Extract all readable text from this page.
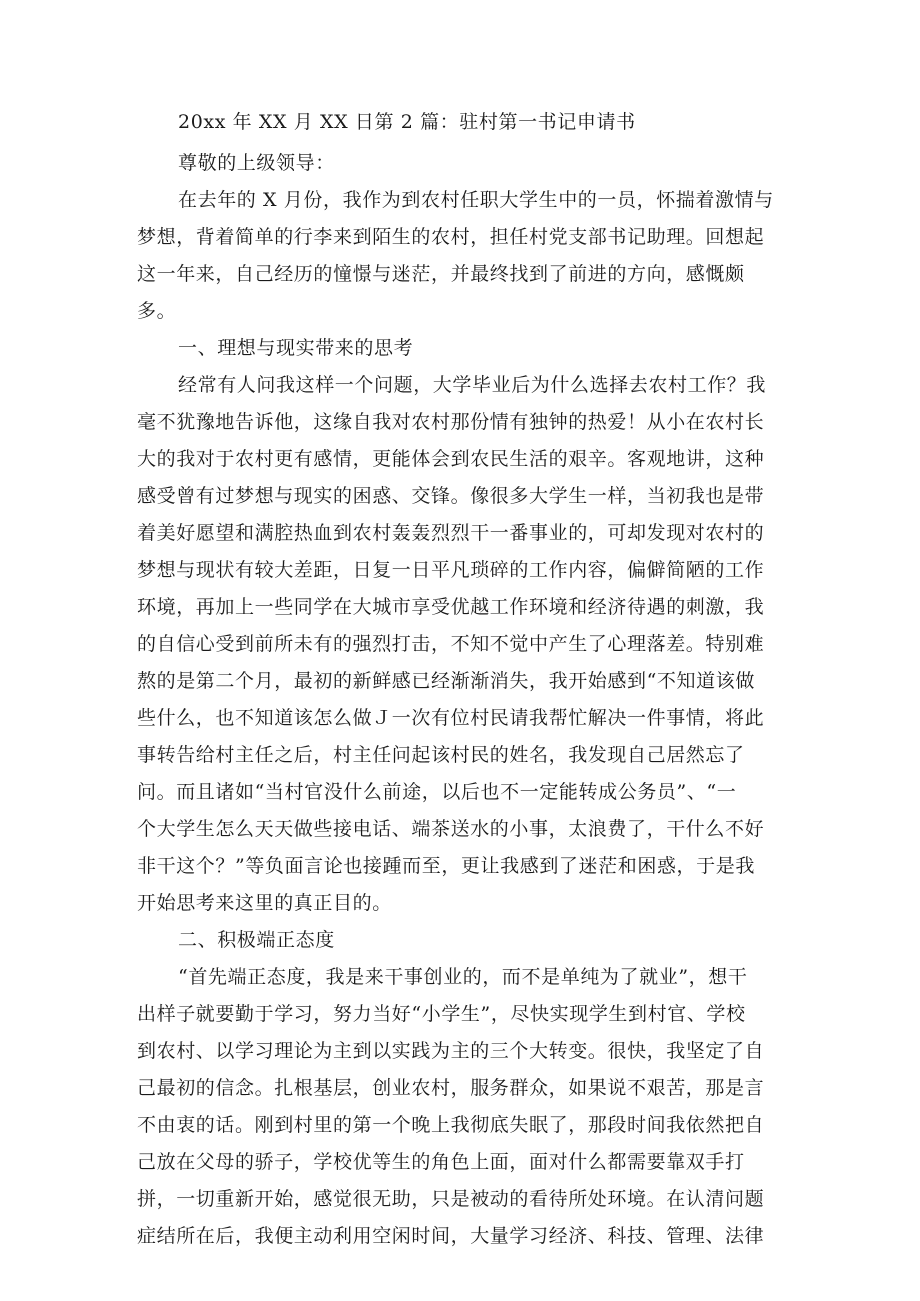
20xx 年 XX 月 XX 日第 2 篇：驻村第一书记申请书
尊敬的上级领导：
在去年的 X 月份，我作为到农村任职大学生中的一员，怀揣着激情与
梦想，背着简单的行李来到陌生的农村，担任村党支部书记助理。回想起
这一年来，自己经历的憧憬与迷茫，并最终找到了前进的方向，感慨颇
多。
一、理想与现实带来的思考
经常有人问我这样一个问题，大学毕业后为什么选择去农村工作？我
毫不犹豫地告诉他，这缘自我对农村那份情有独钟的热爱！从小在农村长
大的我对于农村更有感情，更能体会到农民生活的艰辛。客观地讲，这种
感受曾有过梦想与现实的困惑、交锋。像很多大学生一样，当初我也是带
着美好愿望和满腔热血到农村轰轰烈烈干一番事业的，可却发现对农村的
梦想与现状有较大差距，日复一日平凡琐碎的工作内容，偏僻简陋的工作
环境，再加上一些同学在大城市享受优越工作环境和经济待遇的刺激，我
的自信心受到前所未有的强烈打击，不知不觉中产生了心理落差。特别难
熬的是第二个月，最初的新鲜感已经渐渐消失，我开始感到“不知道该做
些什么，也不知道该怎么做Ｊ一次有位村民请我帮忙解决一件事情，将此
事转告给村主任之后，村主任问起该村民的姓名，我发现自己居然忘了
问。而且诸如“当村官没什么前途，以后也不一定能转成公务员”、“一
个大学生怎么天天做些接电话、端茶送水的小事，太浪费了，干什么不好
非干这个？”等负面言论也接踵而至，更让我感到了迷茫和困惑，于是我
开始思考来这里的真正目的。
二、积极端正态度
“首先端正态度，我是来干事创业的，而不是单纯为了就业”，想干
出样子就要勤于学习，努力当好“小学生”，尽快实现学生到村官、学校
到农村、以学习理论为主到以实践为主的三个大转变。很快，我坚定了自
己最初的信念。扎根基层，创业农村，服务群众，如果说不艰苦，那是言
不由衷的话。刚到村里的第一个晚上我彻底失眠了，那段时间我依然把自
己放在父母的骄子，学校优等生的角色上面，面对什么都需要靠双手打
拼，一切重新开始，感觉很无助，只是被动的看待所处环境。在认清问题
症结所在后，我便主动利用空闲时间，大量学习经济、科技、管理、法律
